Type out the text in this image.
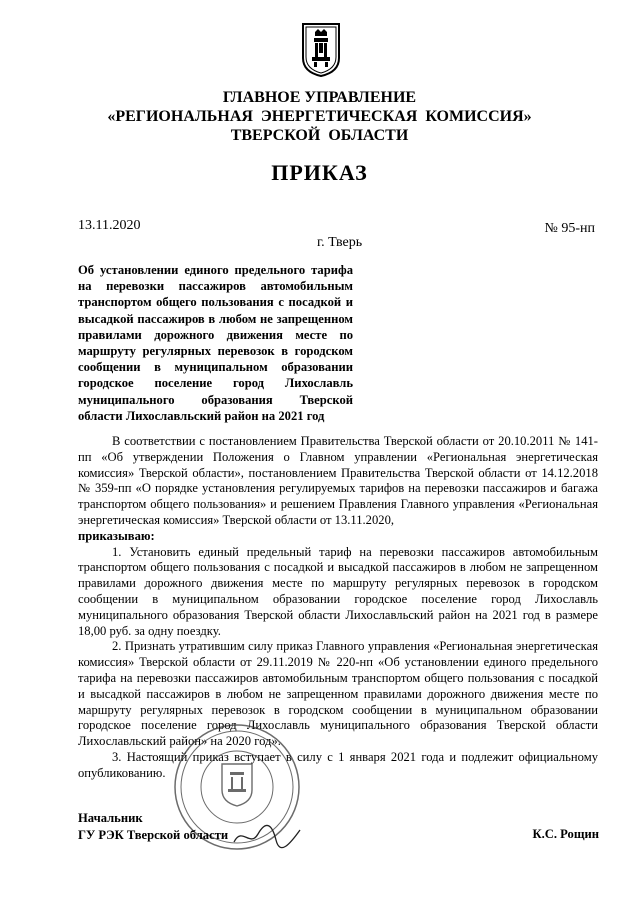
ГЛАВНОЕ УПРАВЛЕНИЕ
«РЕГИОНАЛЬНАЯ  ЭНЕРГЕТИЧЕСКАЯ  КОМИССИЯ»
ТВЕРСКОЙ  ОБЛАСТИ
ПРИКАЗ
13.11.2020	№ 95-нп
г. Тверь
Об установлении единого предельного тарифа на перевозки пассажиров автомобильным транспортом общего пользования с посадкой и высадкой пассажиров в любом не запрещенном правилами дорожного движения месте по маршруту регулярных перевозок в городском сообщении в муниципальном образовании городское поселение город Лихославль муниципального образования Тверской области Лихославльский район на 2021 год

В соответствии с постановлением Правительства Тверской области от 20.10.2011 № 141-пп «Об утверждении Положения о Главном управлении «Региональная энергетическая комиссия» Тверской области», постановлением Правительства Тверской области от 14.12.2018 № 359-пп «О порядке установления регулируемых тарифов на перевозки пассажиров и багажа транспортом общего пользования» и решением Правления Главного управления «Региональная энергетическая комиссия» Тверской области от 13.11.2020,

приказываю:

1. Установить единый предельный тариф на перевозки пассажиров автомобильным транспортом общего пользования с посадкой и высадкой пассажиров в любом не запрещенном правилами дорожного движения месте по маршруту регулярных перевозок в городском сообщении в муниципальном образовании городское поселение город Лихославль муниципального образования Тверской области Лихославльский район на 2021 год в размере 18,00 руб. за одну поездку.

2. Признать утратившим силу приказ Главного управления «Региональная энергетическая комиссия» Тверской области от 29.11.2019 № 220-нп «Об установлении единого предельного тарифа на перевозки пассажиров автомобильным транспортом общего пользования с посадкой и высадкой пассажиров в любом не запрещенном правилами дорожного движения месте по маршруту регулярных перевозок в городском сообщении в муниципальном образовании городское поселение город Лихославль муниципального образования Тверской области Лихославльский район» на 2020 год».

3. Настоящий приказ вступает в силу с 1 января 2021 года и подлежит официальному опубликованию.

Начальник
ГУ РЭК Тверской области	К.С. Рощин
